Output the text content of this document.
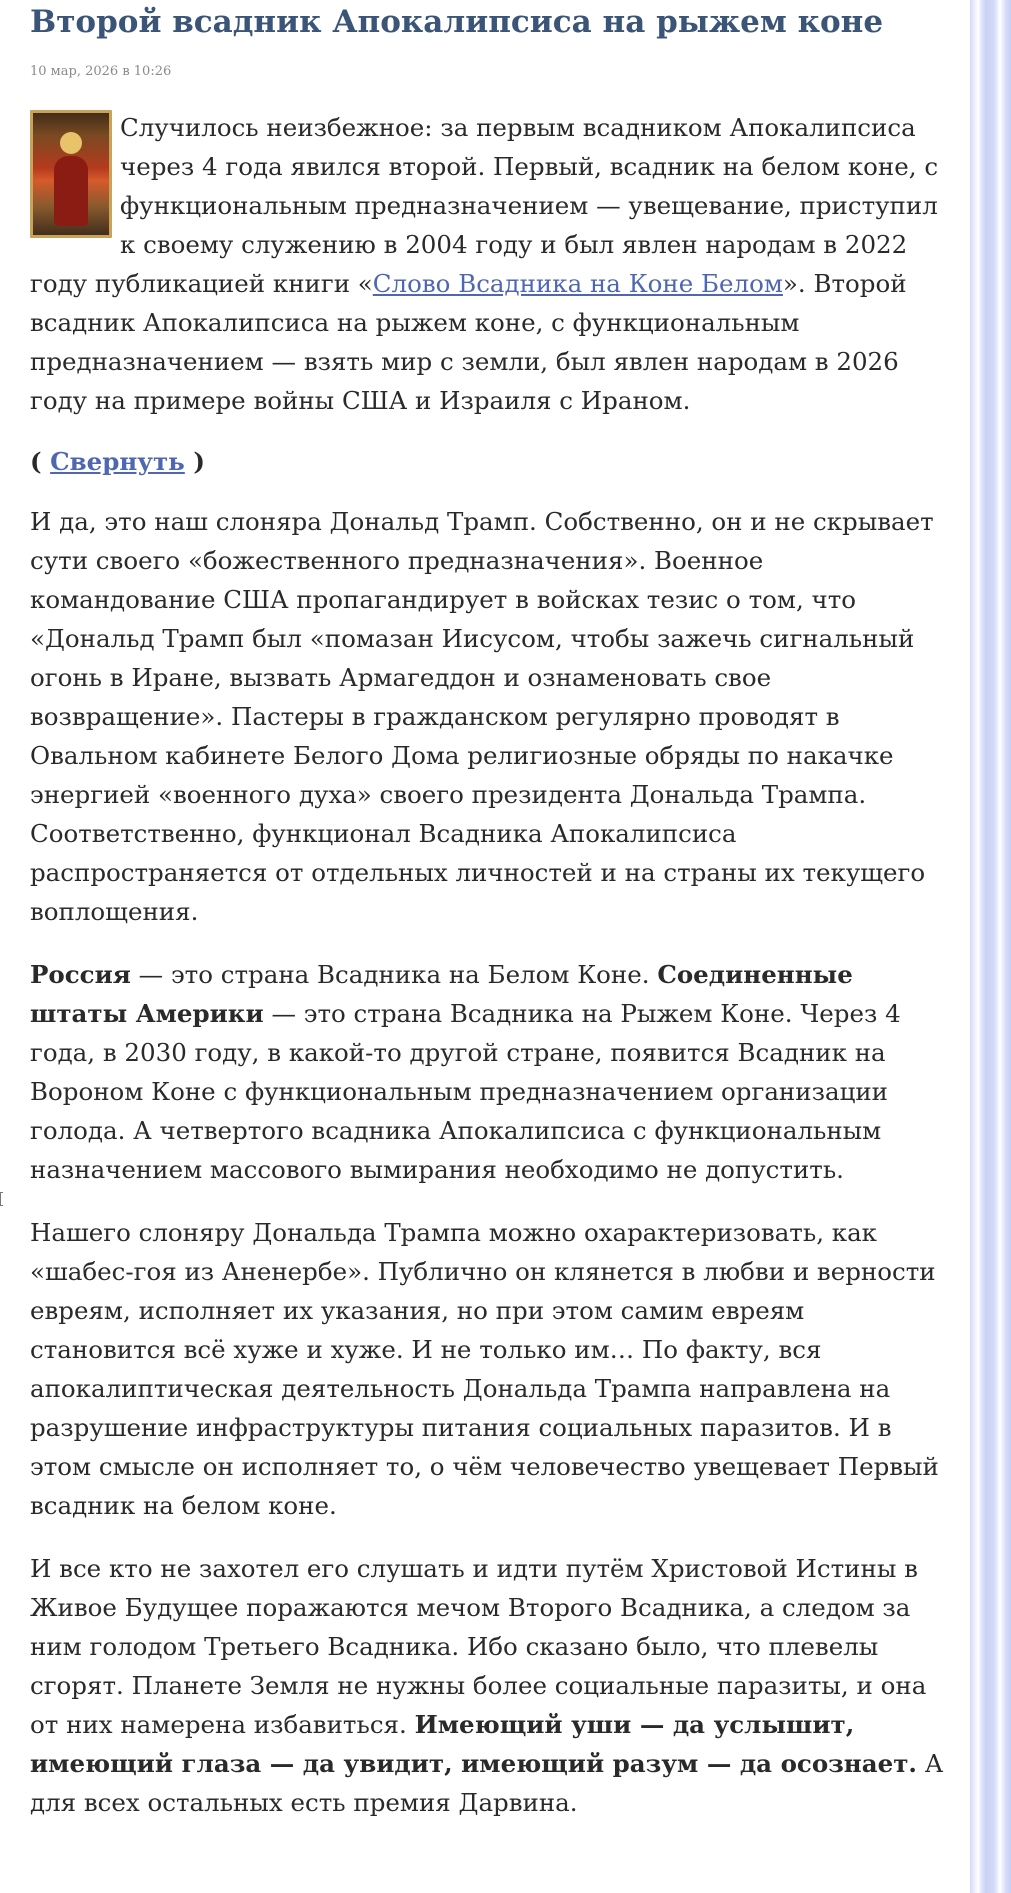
Второй всадник Апокалипсиса на рыжем коне
10 мар, 2026 в 10:26
Случилось неизбежное: за первым всадником Апокалипсиса через 4 года явился второй. Первый, всадник на белом коне, с функциональным предназначением — увещевание, приступил к своему служению в 2004 году и был явлен народам в 2022 году публикацией книги «Слово Всадника на Коне Белом». Второй всадник Апокалипсиса на рыжем коне, с функциональным предназначением — взять мир с земли, был явлен народам в 2026 году на примере войны США и Израиля с Ираном.
( Свернуть )

И да, это наш слоняра Дональд Трамп. Собственно, он и не скрывает сути своего «божественного предназначения». Военное командование США пропагандирует в войсках тезис о том, что «Дональд Трамп был «помазан Иисусом, чтобы зажечь сигнальный огонь в Иране, вызвать Армагеддон и ознаменовать свое возвращение». Пастеры в гражданском регулярно проводят в Овальном кабинете Белого Дома религиозные обряды по накачке энергией «военного духа» своего президента Дональда Трампа. Соответственно, функционал Всадника Апокалипсиса распространяется от отдельных личностей и на страны их текущего воплощения.

Россия — это страна Всадника на Белом Коне. Соединенные штаты Америки — это страна Всадника на Рыжем Коне. Через 4 года, в 2030 году, в какой-то другой стране, появится Всадник на Вороном Коне с функциональным предназначением организации голода. А четвертого всадника Апокалипсиса с функциональным назначением массового вымирания необходимо не допустить.

Нашего слоняру Дональда Трампа можно охарактеризовать, как «шабес-гоя из Аненербе». Публично он клянется в любви и верности евреям, исполняет их указания, но при этом самим евреям становится всё хуже и хуже. И не только им… По факту, вся апокалиптическая деятельность Дональда Трампа направлена на разрушение инфраструктуры питания социальных паразитов. И в этом смысле он исполняет то, о чём человечество увещевает Первый всадник на белом коне.

И все кто не захотел его слушать и идти путём Христовой Истины в Живое Будущее поражаются мечом Второго Всадника, а следом за ним голодом Третьего Всадника. Ибо сказано было, что плевелы сгорят. Планете Земля не нужны более социальные паразиты, и она от них намерена избавиться. Имеющий уши — да услышит, имеющий глаза — да увидит, имеющий разум — да осознает. А для всех остальных есть премия Дарвина.
